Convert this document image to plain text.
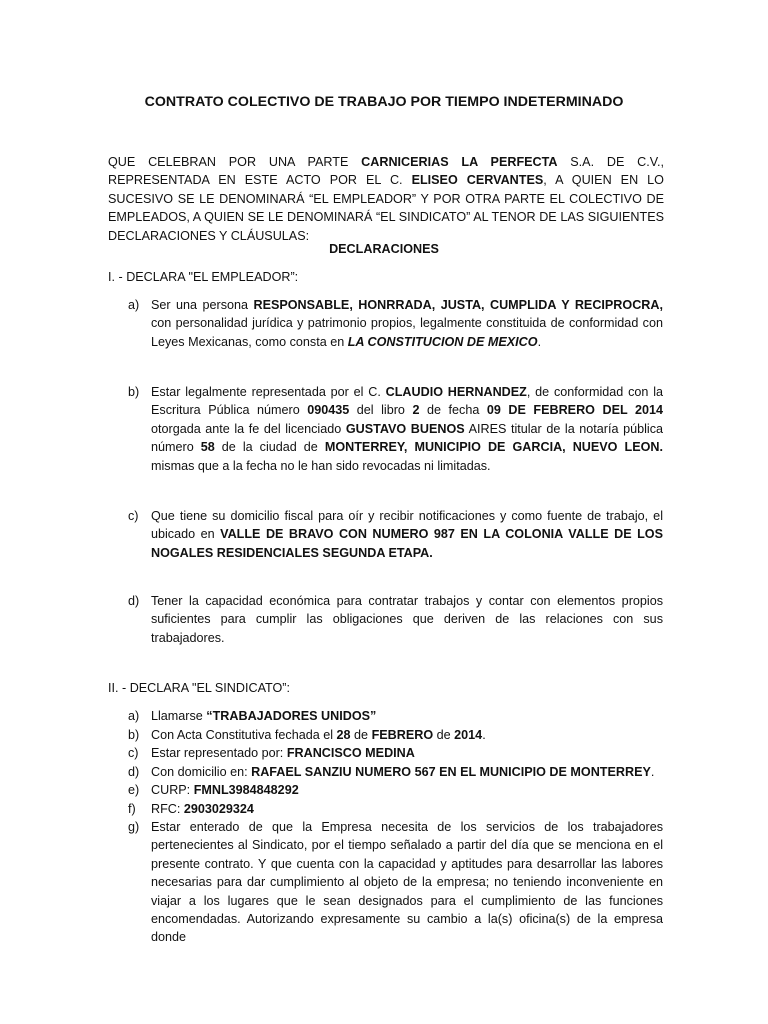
CONTRATO COLECTIVO DE TRABAJO POR TIEMPO INDETERMINADO
QUE CELEBRAN POR UNA PARTE CARNICERIAS LA PERFECTA S.A. DE C.V., REPRESENTADA EN ESTE ACTO POR EL C. ELISEO CERVANTES, A QUIEN EN LO SUCESIVO SE LE DENOMINARÁ “EL EMPLEADOR” Y POR OTRA PARTE EL COLECTIVO DE EMPLEADOS, A QUIEN SE LE DENOMINARÁ “EL SINDICATO” AL TENOR DE LAS SIGUIENTES DECLARACIONES Y CLÁUSULAS:
DECLARACIONES
I. - DECLARA "EL EMPLEADOR”:
a) Ser una persona RESPONSABLE, HONRRADA, JUSTA, CUMPLIDA Y RECIPROCRA, con personalidad jurídica y patrimonio propios, legalmente constituida de conformidad con Leyes Mexicanas, como consta en LA CONSTITUCION DE MEXICO.
b) Estar legalmente representada por el C. CLAUDIO HERNANDEZ, de conformidad con la Escritura Pública número 090435 del libro 2 de fecha 09 DE FEBRERO DEL 2014 otorgada ante la fe del licenciado GUSTAVO BUENOS AIRES titular de la notaría pública número 58 de la ciudad de MONTERREY, MUNICIPIO DE GARCIA, NUEVO LEON. mismas que a la fecha no le han sido revocadas ni limitadas.
c) Que tiene su domicilio fiscal para oír y recibir notificaciones y como fuente de trabajo, el ubicado en VALLE DE BRAVO CON NUMERO 987 EN LA COLONIA VALLE DE LOS NOGALES RESIDENCIALES SEGUNDA ETAPA.
d) Tener la capacidad económica para contratar trabajos y contar con elementos propios suficientes para cumplir las obligaciones que deriven de las relaciones con sus trabajadores.
II. - DECLARA "EL SINDICATO”:
a) Llamarse “TRABAJADORES UNIDOS”
b) Con Acta Constitutiva fechada el 28 de FEBRERO de 2014.
c) Estar representado por: FRANCISCO MEDINA
d) Con domicilio en: RAFAEL SANZIU NUMERO 567 EN EL MUNICIPIO DE MONTERREY.
e) CURP: FMNL3984848292
f)	RFC: 2903029324
g) Estar enterado de que la Empresa necesita de los servicios de los trabajadores pertenecientes al Sindicato, por el tiempo señalado a partir del día que se menciona en el presente contrato. Y que cuenta con la capacidad y aptitudes para desarrollar las labores necesarias para dar cumplimiento al objeto de la empresa; no teniendo inconveniente en viajar a los lugares que le sean designados para el cumplimiento de las funciones encomendadas. Autorizando expresamente su cambio a la(s) oficina(s) de la empresa donde
